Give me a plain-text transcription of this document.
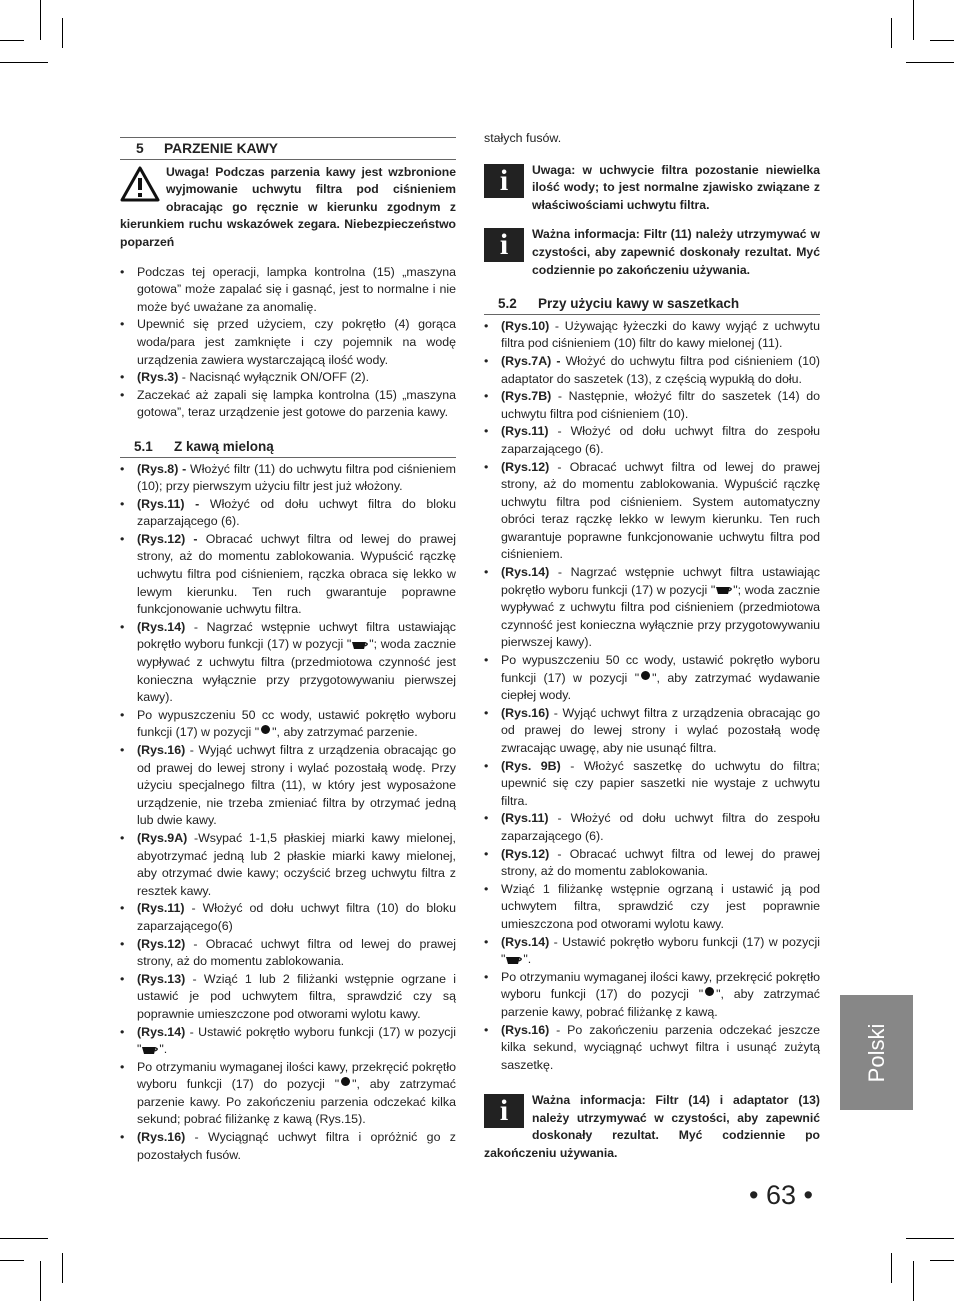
5 PARZENIE KAWY
Uwaga! Podczas parzenia kawy jest wzbronione wyjmowanie uchwytu filtra pod ciśnieniem obracając go ręcznie w kierunku zgodnym z kierunkiem ruchu wskazówek zegara. Niebezpieczeństwo poparzeń
• Podczas tej operacji, lampka kontrolna (15) „maszyna gotowa” może zapalać się i gasnąć, jest to normalne i nie może być uważane za anomalię.
• Upewnić się przed użyciem, czy pokrętło (4) gorąca woda/para jest zamknięte i czy pojemnik na wodę urządzenia zawiera wystarczającą ilość wody.
• (Rys.3) - Nacisnąć wyłącznik ON/OFF (2).
• Zaczekać aż zapali się lampka kontrolna (15) „maszyna gotowa”, teraz urządzenie jest gotowe do parzenia kawy.
5.1 Z kawą mieloną
• (Rys.8) - Włożyć filtr (11) do uchwytu filtra pod ciśnieniem (10); przy pierwszym użyciu filtr jest już włożony.
• (Rys.11) - Włożyć od dołu uchwyt filtra do bloku zaparzającego (6).
• (Rys.12) - Obracać uchwyt filtra od lewej do prawej strony, aż do momentu zablokowania. Wypuścić rączkę uchwytu filtra pod ciśnieniem, rączka obraca się lekko w lewym kierunku. Ten ruch gwarantuje poprawne funkcjonowanie uchwytu filtra.
• (Rys.14) - Nagrzać wstępnie uchwyt filtra ustawiając pokrętło wyboru funkcji (17) w pozycji " "; woda zacznie wypływać z uchwytu filtra (przedmiotowa czynność jest konieczna wyłącznie przy przygotowywaniu pierwszej kawy).
• Po wypuszczeniu 50 cc wody, ustawić pokrętło wyboru funkcji (17) w pozycji " ", aby zatrzymać parzenie.
• (Rys.16) - Wyjąć uchwyt filtra z urządzenia obracając go od prawej do lewej strony i wylać pozostałą wodę. Przy użyciu specjalnego filtra (11), w który jest wyposażone urządzenie, nie trzeba zmieniać filtra by otrzymać jedną lub dwie kawy.
• (Rys.9A) -Wsypać 1-1,5 płaskiej miarki kawy mielonej, abyotrzymać jedną lub 2 płaskie miarki kawy mielonej, aby otrzymać dwie kawy; oczyścić brzeg uchwytu filtra z resztek kawy.
• (Rys.11) - Włożyć od dołu uchwyt filtra (10) do bloku zaparzającego(6)
• (Rys.12) - Obracać uchwyt filtra od lewej do prawej strony, aż do momentu zablokowania.
• (Rys.13) - Wziąć 1 lub 2 filiżanki wstępnie ogrzane i ustawić je pod uchwytem filtra, sprawdzić czy są poprawnie umieszczone pod otworami wylotu kawy.
• (Rys.14) - Ustawić pokrętło wyboru funkcji (17) w pozycji " ".
• Po otrzymaniu wymaganej ilości kawy, przekręcić pokrętło wyboru funkcji (17) do pozycji " ", aby zatrzymać parzenie kawy. Po zakończeniu parzenia odczekać kilka sekund; pobrać filiżankę z kawą (Rys.15).
• (Rys.16) - Wyciągnąć uchwyt filtra i opróżnić go z pozostałych fusów.
stałych fusów.
i	Uwaga: w uchwycie filtra pozostanie niewielka ilość wody; to jest normalne zjawisko związane z właściwościami uchwytu filtra.
i	Ważna informacja: Filtr (11) należy utrzymywać w czystości, aby zapewnić doskonały rezultat. Myć codziennie po zakończeniu używania.
5.2 Przy użyciu kawy w saszetkach
• (Rys.10) - Używając łyżeczki do kawy wyjąć z uchwytu filtra pod ciśnieniem (10) filtr do kawy mielonej (11).
• (Rys.7A) - Włożyć do uchwytu filtra pod ciśnieniem (10) adaptator do saszetek (13), z częścią wypukłą do dołu.
• (Rys.7B) - Następnie, włożyć filtr do saszetek (14) do uchwytu filtra pod ciśnieniem (10).
• (Rys.11) - Włożyć od dołu uchwyt filtra do zespołu zaparzającego (6).
• (Rys.12) - Obracać uchwyt filtra od lewej do prawej strony, aż do momentu zablokowania. Wypuścić rączkę uchwytu filtra pod ciśnieniem. System automatyczny obróci teraz rączkę lekko w lewym kierunku. Ten ruch gwarantuje poprawne funkcjonowanie uchwytu filtra pod ciśnieniem.
• (Rys.14) - Nagrzać wstępnie uchwyt filtra ustawiając pokrętło wyboru funkcji (17) w pozycji " "; woda zacznie wypływać z uchwytu filtra pod ciśnieniem (przedmiotowa czynność jest konieczna wyłącznie przy przygotowywaniu pierwszej kawy).
• Po wypuszczeniu 50 cc wody, ustawić pokrętło wyboru funkcji (17) w pozycji " ", aby zatrzymać wydawanie ciepłej wody.
• (Rys.16) - Wyjąć uchwyt filtra z urządzenia obracając go od prawej do lewej strony i wylać pozostałą wodę zwracając uwagę, aby nie usunąć filtra.
• (Rys. 9B) - Włożyć saszetkę do uchwytu do filtra; upewnić się czy papier saszetki nie wystaje z uchwytu filtra.
• (Rys.11) - Włożyć od dołu uchwyt filtra do zespołu zaparzającego (6).
• (Rys.12) - Obracać uchwyt filtra od lewej do prawej strony, aż do momentu zablokowania.
• Wziąć 1 filiżankę wstępnie ogrzaną i ustawić ją pod uchwytem filtra, sprawdzić czy jest poprawnie umieszczona pod otworami wylotu kawy.
• (Rys.14) - Ustawić pokrętło wyboru funkcji (17) w pozycji " ".
• Po otrzymaniu wymaganej ilości kawy, przekręcić pokrętło wyboru funkcji (17) do pozycji " ", aby zatrzymać parzenie kawy, pobrać filiżankę z kawą.
• (Rys.16) - Po zakończeniu parzenia odczekać jeszcze kilka sekund, wyciągnąć uchwyt filtra i usunąć zużytą saszetkę.
i	Ważna informacja: Filtr (14) i adaptator (13) należy utrzymywać w czystości, aby zapewnić doskonały rezultat. Myć codziennie po zakończeniu używania.
Polski
• 63 •
